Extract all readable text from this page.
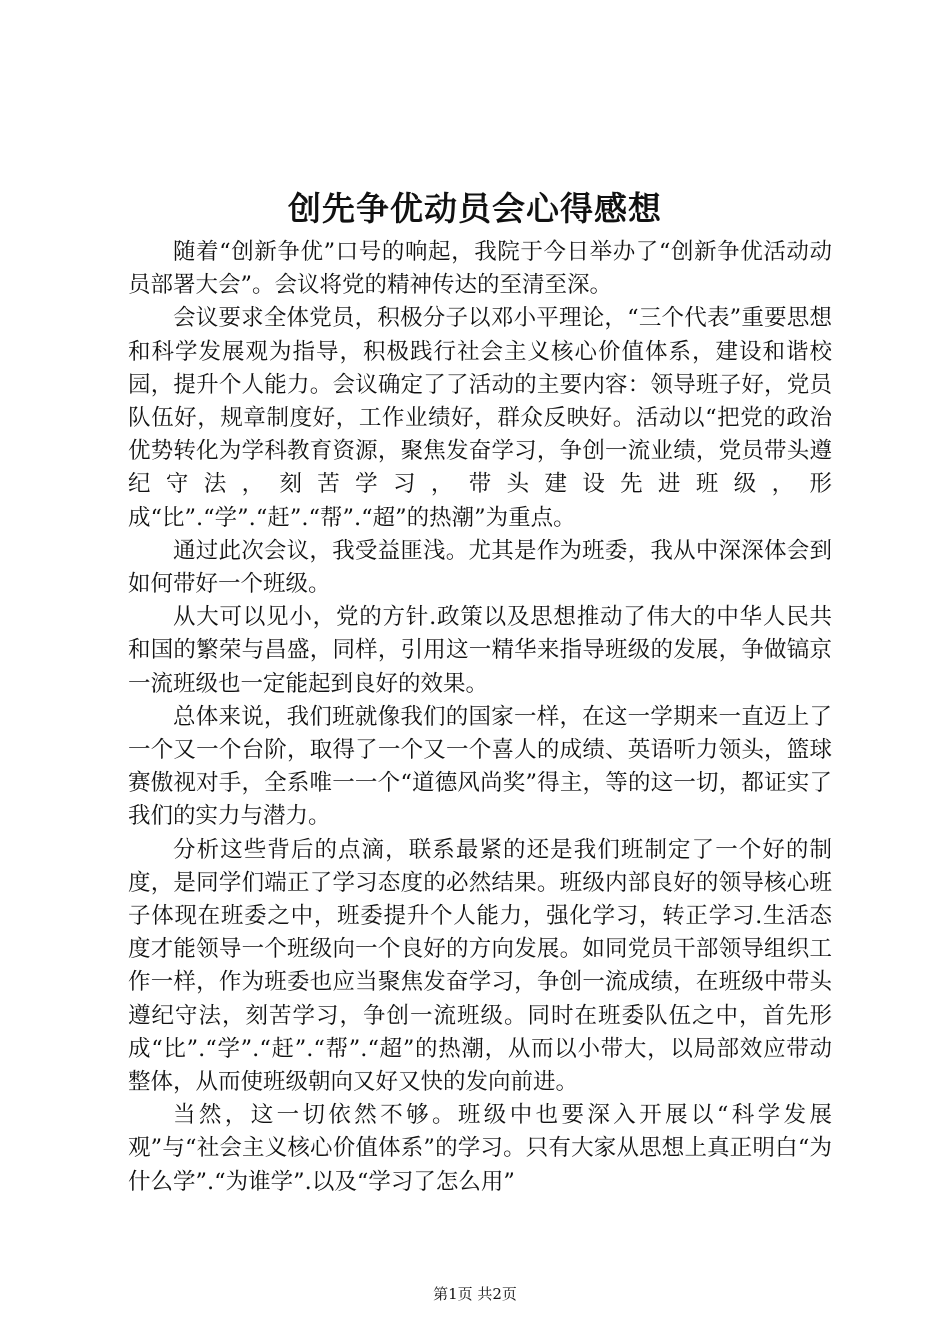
创先争优动员会心得感想

随着“创新争优”口号的响起，我院于今日举办了“创新争优活动动员部署大会”。会议将党的精神传达的至清至深。

会议要求全体党员，积极分子以邓小平理论，“三个代表”重要思想和科学发展观为指导，积极践行社会主义核心价值体系，建设和谐校园，提升个人能力。会议确定了了活动的主要内容：领导班子好，党员队伍好，规章制度好，工作业绩好，群众反映好。活动以“把党的政治优势转化为学科教育资源，聚焦发奋学习，争创一流业绩，党员带头遵纪守法，刻苦学习，带头建设先进班级，形成“比”.“学”.“赶”.“帮”.“超”的热潮”为重点。

通过此次会议，我受益匪浅。尤其是作为班委，我从中深深体会到如何带好一个班级。

从大可以见小，党的方针.政策以及思想推动了伟大的中华人民共和国的繁荣与昌盛，同样，引用这一精华来指导班级的发展，争做镐京一流班级也一定能起到良好的效果。

总体来说，我们班就像我们的国家一样，在这一学期来一直迈上了一个又一个台阶，取得了一个又一个喜人的成绩、英语听力领头，篮球赛傲视对手，全系唯一一个“道德风尚奖”得主，等的这一切，都证实了我们的实力与潜力。

分析这些背后的点滴，联系最紧的还是我们班制定了一个好的制度，是同学们端正了学习态度的必然结果。班级内部良好的领导核心班子体现在班委之中，班委提升个人能力，强化学习，转正学习.生活态度才能领导一个班级向一个良好的方向发展。如同党员干部领导组织工作一样，作为班委也应当聚焦发奋学习，争创一流成绩，在班级中带头遵纪守法，刻苦学习，争创一流班级。同时在班委队伍之中，首先形成“比”.“学”.“赶”.“帮”.“超”的热潮，从而以小带大，以局部效应带动整体，从而使班级朝向又好又快的发向前进。

当然，这一切依然不够。班级中也要深入开展以“科学发展观”与“社会主义核心价值体系”的学习。只有大家从思想上真正明白“为什么学”.“为谁学”.以及“学习了怎么用”

第1页 共2页
